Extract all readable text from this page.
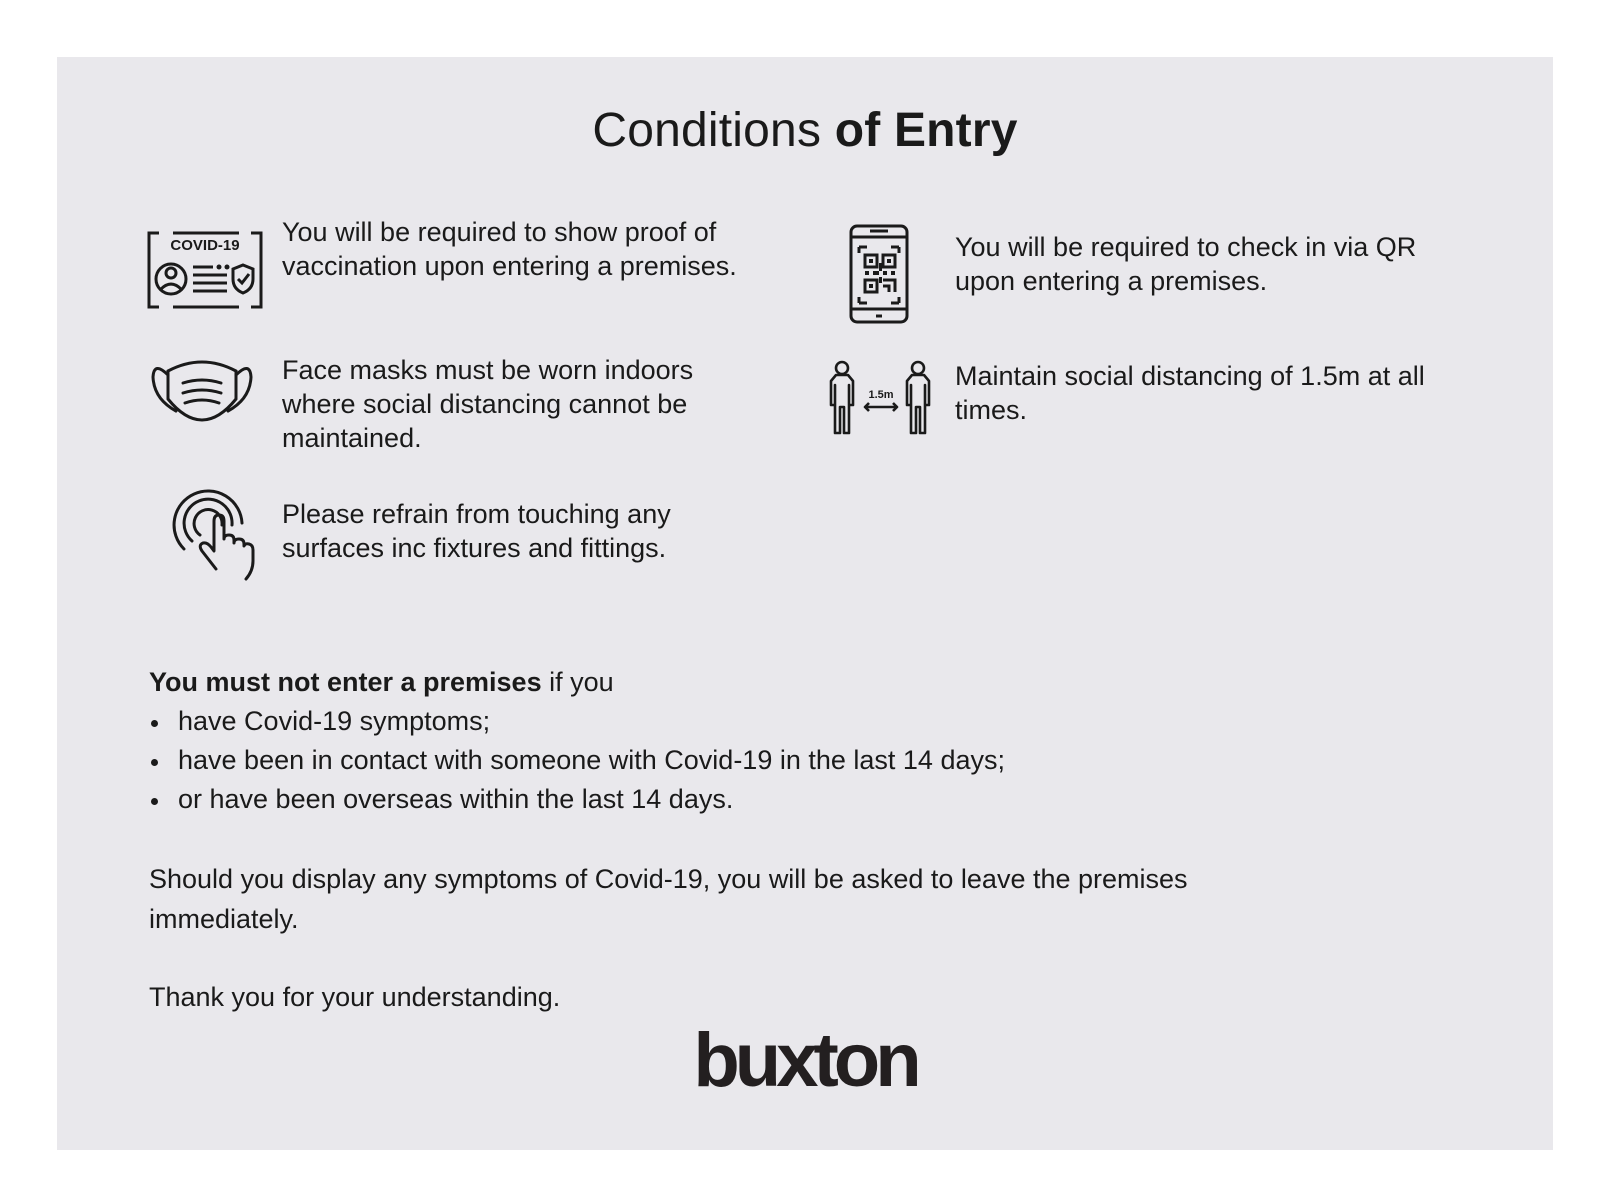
Conditions of Entry
COVID-19 You will be required to show proof of vaccination upon entering a premises.

You will be required to check in via QR upon entering a premises.

Face masks must be worn indoors where social distancing cannot be maintained.

1.5m

Maintain social distancing of 1.5m at all times.

Please refrain from touching any surfaces inc fixtures and fittings.

You must not enter a premises if you

have Covid-19 symptoms;
have been in contact with someone with Covid-19 in the last 14 days;
or have been overseas within the last 14 days.

Should you display any symptoms of Covid-19, you will be asked to leave the premises immediately.

Thank you for your understanding.

buxton
